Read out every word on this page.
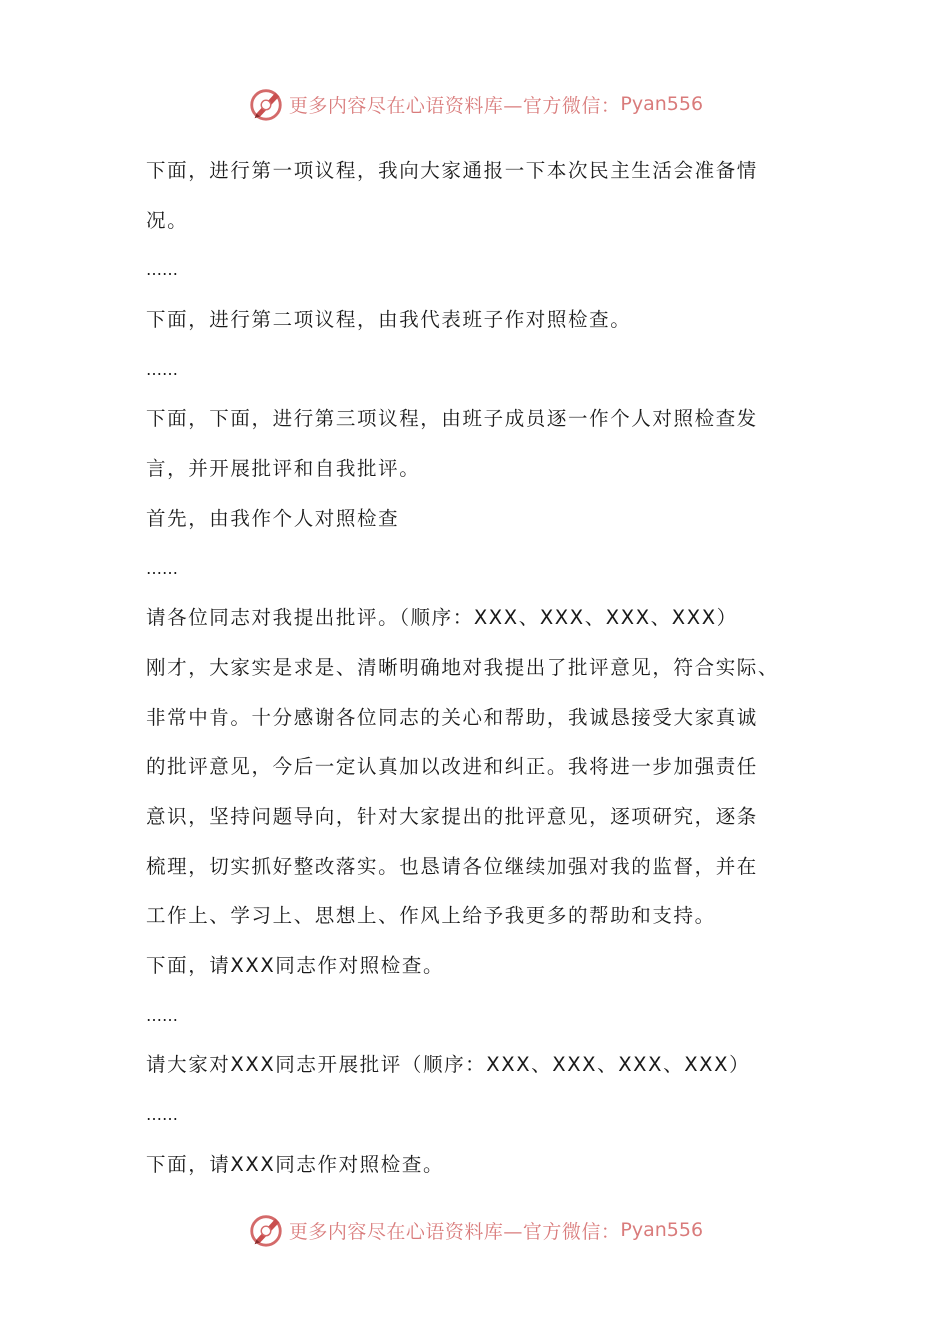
更多内容尽在心语资料库—官方微信： Pyan556
下面，进行第一项议程，我向大家通报一下本次民主生活会准备情
况。
……
下面，进行第二项议程，由我代表班子作对照检查。
……
下面，下面，进行第三项议程，由班子成员逐一作个人对照检查发
言，并开展批评和自我批评。
首先，由我作个人对照检查
……
请各位同志对我提出批评。（顺序：XXX、XXX、XXX、XXX）
刚才，大家实是求是、清晰明确地对我提出了批评意见，符合实际、
非常中肯。十分感谢各位同志的关心和帮助，我诚恳接受大家真诚
的批评意见，今后一定认真加以改进和纠正。我将进一步加强责任
意识，坚持问题导向，针对大家提出的批评意见，逐项研究，逐条
梳理，切实抓好整改落实。也恳请各位继续加强对我的监督，并在
工作上、学习上、思想上、作风上给予我更多的帮助和支持。
下面，请XXX同志作对照检查。
……
请大家对XXX同志开展批评（顺序：XXX、XXX、XXX、XXX）
……
下面，请XXX同志作对照检查。
更多内容尽在心语资料库—官方微信： Pyan556
